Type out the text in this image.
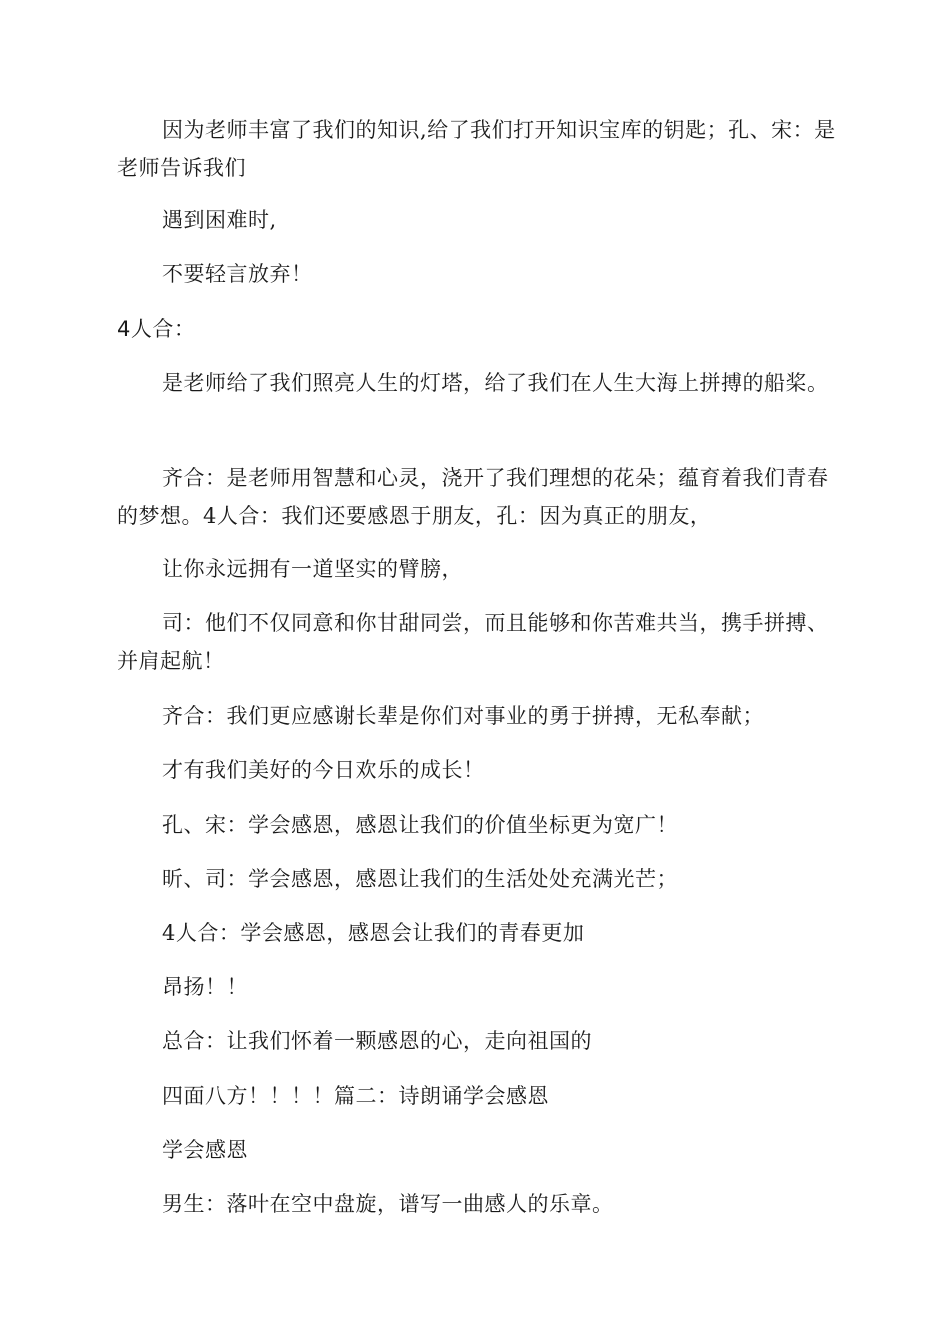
因为老师丰富了我们的知识,给了我们打开知识宝库的钥匙；孔、宋：是老师告诉我们

遇到困难时,

不要轻言放弃！

4人合：

是老师给了我们照亮人生的灯塔，给了我们在人生大海上拼搏的船桨。

齐合：是老师用智慧和心灵，浇开了我们理想的花朵；蕴育着我们青春的梦想。4人合：我们还要感恩于朋友，孔：因为真正的朋友，

让你永远拥有一道坚实的臂膀，

司：他们不仅同意和你甘甜同尝，而且能够和你苦难共当，携手拼搏、并肩起航！

齐合：我们更应感谢长辈是你们对事业的勇于拼搏，无私奉献；

才有我们美好的今日欢乐的成长！

孔、宋：学会感恩，感恩让我们的价值坐标更为宽广！

昕、司：学会感恩，感恩让我们的生活处处充满光芒；

4人合：学会感恩，感恩会让我们的青春更加

昂扬！！

总合：让我们怀着一颗感恩的心，走向祖国的

四面八方！！！！篇二：诗朗诵学会感恩

学会感恩

男生：落叶在空中盘旋，谱写一曲感人的乐章。
